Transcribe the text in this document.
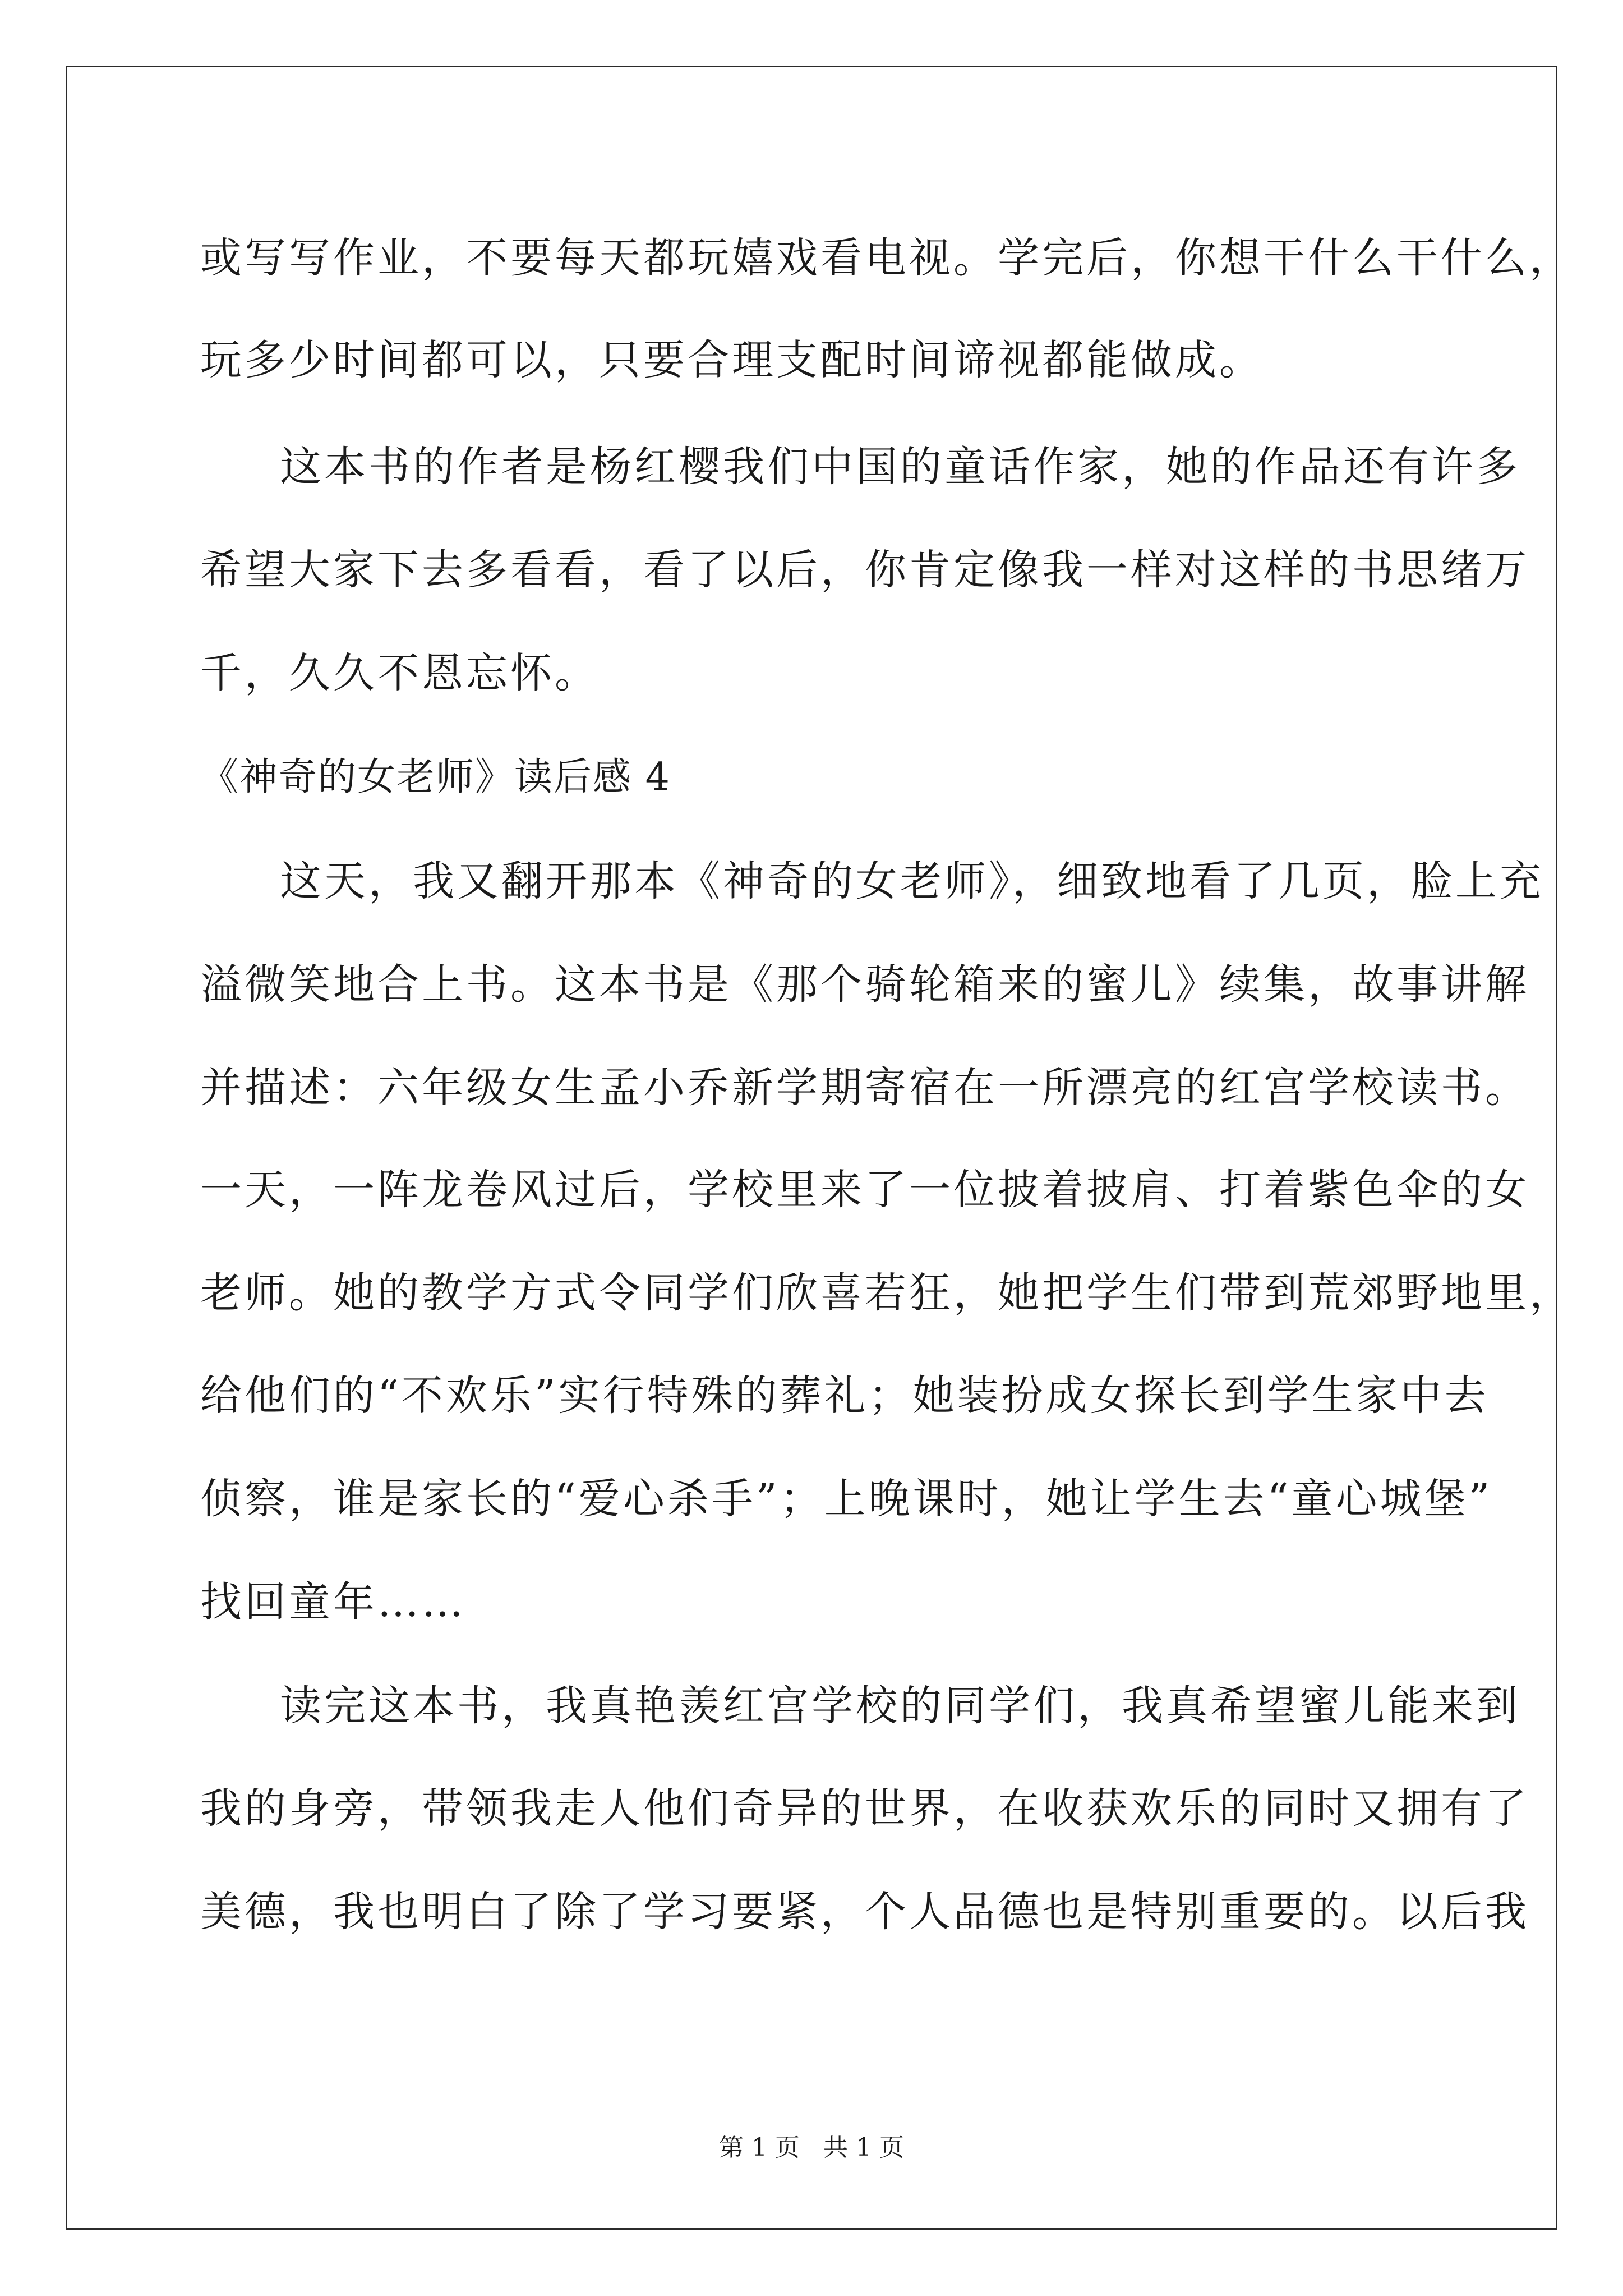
或写写作业，不要每天都玩嬉戏看电视。学完后，你想干什么干什么，
玩多少时间都可以，只要合理支配时间谛视都能做成。
这本书的作者是杨红樱我们中国的童话作家，她的作品还有许多
希望大家下去多看看，看了以后，你肯定像我一样对这样的书思绪万
千，久久不恩忘怀。
《神奇的女老师》读后感 4
这天，我又翻开那本《神奇的女老师》，细致地看了几页，脸上充
溢微笑地合上书。这本书是《那个骑轮箱来的蜜儿》续集，故事讲解
并描述：六年级女生孟小乔新学期寄宿在一所漂亮的红宫学校读书。
一天，一阵龙卷风过后，学校里来了一位披着披肩、打着紫色伞的女
老师。她的教学方式令同学们欣喜若狂，她把学生们带到荒郊野地里，
给他们的“不欢乐”实行特殊的葬礼；她装扮成女探长到学生家中去
侦察，谁是家长的“爱心杀手”；上晚课时，她让学生去“童心城堡”
找回童年……
读完这本书，我真艳羡红宫学校的同学们，我真希望蜜儿能来到
我的身旁，带领我走人他们奇异的世界，在收获欢乐的同时又拥有了
美德，我也明白了除了学习要紧，个人品德也是特别重要的。以后我
第 1 页   共 1 页
